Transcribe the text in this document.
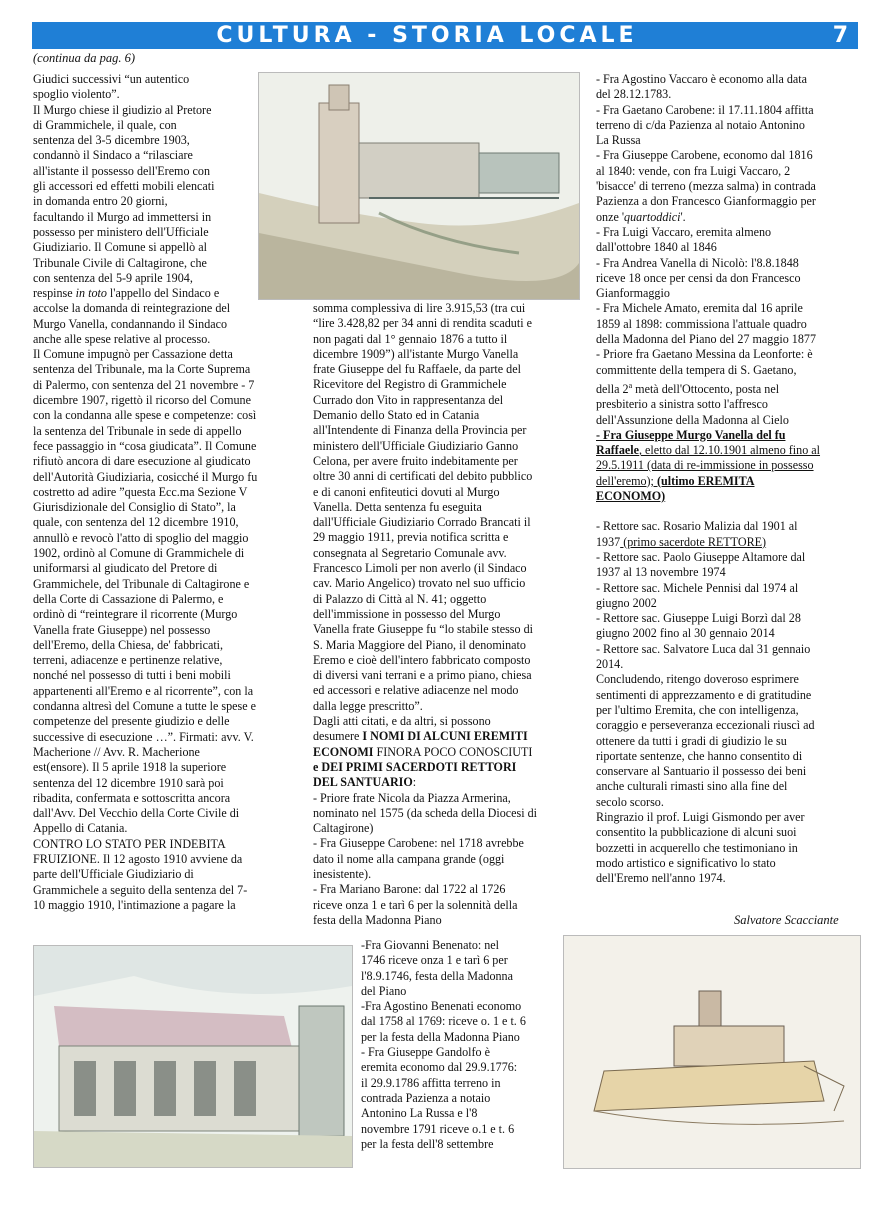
CULTURA - STORIA LOCALE	7
(continua da pag. 6)

Giudici successivi “un autentico

spoglio violento”.

Il Murgo chiese il giudizio al Pretore

di Grammichele, il quale, con

sentenza del 3-5 dicembre 1903,

condannò il Sindaco a “rilasciare

all'istante il possesso dell'Eremo con

gli accessori ed effetti mobili elencati

in domanda entro 20 giorni,

facultando il Murgo ad immettersi in

possesso per ministero dell'Ufficiale

Giudiziario. Il Comune si appellò al

Tribunale Civile di Caltagirone, che

con sentenza del 5-9 aprile 1904,

respinse in toto l'appello del Sindaco e

accolse la domanda di reintegrazione del

Murgo Vanella, condannando il Sindaco

anche alle spese relative al processo.

Il Comune impugnò per Cassazione detta

sentenza del Tribunale, ma la Corte Suprema

di Palermo, con sentenza del 21 novembre - 7

dicembre 1907, rigettò il ricorso del Comune

con la condanna alle spese e competenze: così

la sentenza del Tribunale in sede di appello

fece passaggio in “cosa giudicata”. Il Comune

rifiutò ancora di dare esecuzione al giudicato

dell'Autorità Giudiziaria, cosicché il Murgo fu

costretto ad adire ”questa Ecc.ma Sezione V

Giurisdizionale del Consiglio di Stato”, la

quale, con sentenza del 12 dicembre 1910,

annullò e revocò l'atto di spoglio del maggio

1902, ordinò al Comune di Grammichele di

uniformarsi al giudicato del Pretore di

Grammichele, del Tribunale di Caltagirone e

della Corte di Cassazione di Palermo, e

ordinò di “reintegrare il ricorrente (Murgo

Vanella frate Giuseppe) nel possesso

dell'Eremo, della Chiesa, de' fabbricati,

terreni, adiacenze e pertinenze relative,

nonché nel possesso di tutti i beni mobili

appartenenti all'Eremo e al ricorrente”, con la

condanna altresì del Comune a tutte le spese e

competenze del presente giudizio e delle

successive di esecuzione …”. Firmati: avv. V.

Macherione // Avv. R. Macherione

est(ensore). Il 5 aprile 1918 la superiore

sentenza del 12 dicembre 1910 sarà poi

ribadita, confermata e sottoscritta ancora

dall'Avv. Del Vecchio della Corte Civile di

Appello di Catania.

CONTRO LO STATO PER INDEBITA

FRUIZIONE. Il 12 agosto 1910 avviene da

parte dell'Ufficiale Giudiziario di

Grammichele a seguito della sentenza del 7-

10 maggio 1910, l'intimazione a pagare la

somma complessiva di lire 3.915,53 (tra cui

“lire 3.428,82 per 34 anni di rendita scaduti e

non pagati dal 1° gennaio 1876 a tutto il

dicembre 1909”) all'istante Murgo Vanella

frate Giuseppe del fu Raffaele, da parte del

Ricevitore del Registro di Grammichele

Currado don Vito in rappresentanza del

Demanio dello Stato ed in Catania

all'Intendente di Finanza della Provincia per

ministero dell'Ufficiale Giudiziario Ganno

Celona, per avere fruito indebitamente per

oltre 30 anni di certificati del debito pubblico

e di canoni enfiteutici dovuti al Murgo

Vanella. Detta sentenza fu eseguita

dall'Ufficiale Giudiziario Corrado Brancati il

29 maggio 1911, previa notifica scritta e

consegnata al Segretario Comunale avv.

Francesco Limoli per non averlo (il Sindaco

cav. Mario Angelico) trovato nel suo ufficio

di Palazzo di Città al N. 41; oggetto

dell'immissione in possesso del Murgo

Vanella frate Giuseppe fu “lo stabile stesso di

S. Maria Maggiore del Piano, il denominato

Eremo e cioè dell'intero fabbricato composto

di diversi vani terrani e a primo piano, chiesa

ed accessori e relative adiacenze nel modo

dalla legge prescritto”.

Dagli atti citati, e da altri, si possono

desumere I NOMI DI ALCUNI EREMITI

ECONOMI FINORA POCO CONOSCIUTI

e DEI PRIMI SACERDOTI RETTORI

DEL SANTUARIO:

- Priore frate Nicola da Piazza Armerina,

nominato nel 1575 (da scheda della Diocesi di

Caltagirone)

- Fra Giuseppe Carobene: nel 1718 avrebbe

dato il nome alla campana grande (oggi

inesistente).

- Fra Mariano Barone: dal 1722 al 1726

riceve onza 1 e tarì 6 per la solennità della

festa della Madonna Piano

-Fra Giovanni Benenato: nel

1746 riceve onza 1 e tarì 6 per

l'8.9.1746, festa della Madonna

del Piano

-Fra Agostino Benenati economo

dal 1758 al 1769: riceve o. 1 e t. 6

per la festa della Madonna Piano

- Fra Giuseppe Gandolfo è

eremita economo dal 29.9.1776:

il 29.9.1786 affitta terreno in

contrada Pazienza a notaio

Antonino La Russa e l'8

novembre 1791 riceve o.1 e t. 6

per la festa dell'8 settembre

- Fra Agostino Vaccaro è economo alla data

del 28.12.1783.

- Fra Gaetano Carobene: il 17.11.1804 affitta

terreno di c/da Pazienza al notaio Antonino

La Russa

- Fra Giuseppe Carobene, economo dal 1816

al 1840: vende, con fra Luigi Vaccaro, 2

'bisacce' di terreno (mezza salma) in contrada

Pazienza a don Francesco Gianformaggio per

onze 'quartoddici'.

- Fra Luigi Vaccaro, eremita almeno

dall'ottobre 1840 al 1846

- Fra Andrea Vanella di Nicolò: l'8.8.1848

riceve 18 once per censi da don Francesco

Gianformaggio

- Fra Michele Amato, eremita dal 16 aprile

1859 al 1898: commissiona l'attuale quadro

della Madonna del Piano del 27 maggio 1877

- Priore fra Gaetano Messina da Leonforte: è

committente della tempera di S. Gaetano,

della 2$^a$ metà dell'Ottocento, posta nel

presbiterio a sinistra sotto l'affresco

dell'Assunzione della Madonna al Cielo

- Fra Giuseppe Murgo Vanella del fu

Raffaele, eletto dal 12.10.1901 almeno fino al

29.5.1911 (data di re-immissione in possesso

dell'eremo); (ultimo EREMITA

ECONOMO)

- Rettore sac. Rosario Malizia dal 1901 al

1937 (primo sacerdote RETTORE)

- Rettore sac. Paolo Giuseppe Altamore dal

1937 al 13 novembre 1974

- Rettore sac. Michele Pennisi dal 1974 al

giugno 2002

- Rettore sac. Giuseppe Luigi Borzì dal 28

giugno 2002 fino al 30 gennaio 2014

- Rettore sac. Salvatore Luca dal 31 gennaio

2014.

Concludendo, ritengo doveroso esprimere

sentimenti di apprezzamento e di gratitudine

per l'ultimo Eremita, che con intelligenza,

coraggio e perseveranza eccezionali riuscì ad

ottenere da tutti i gradi di giudizio le su

riportate sentenze, che hanno consentito di

conservare al Santuario il possesso dei beni

anche culturali rimasti sino alla fine del

secolo scorso.

Ringrazio il prof. Luigi Gismondo per aver

consentito la pubblicazione di alcuni suoi

bozzetti in acquerello che testimoniano in

modo artistico e significativo lo stato

dell'Eremo nell'anno 1974.

Salvatore Scacciante
